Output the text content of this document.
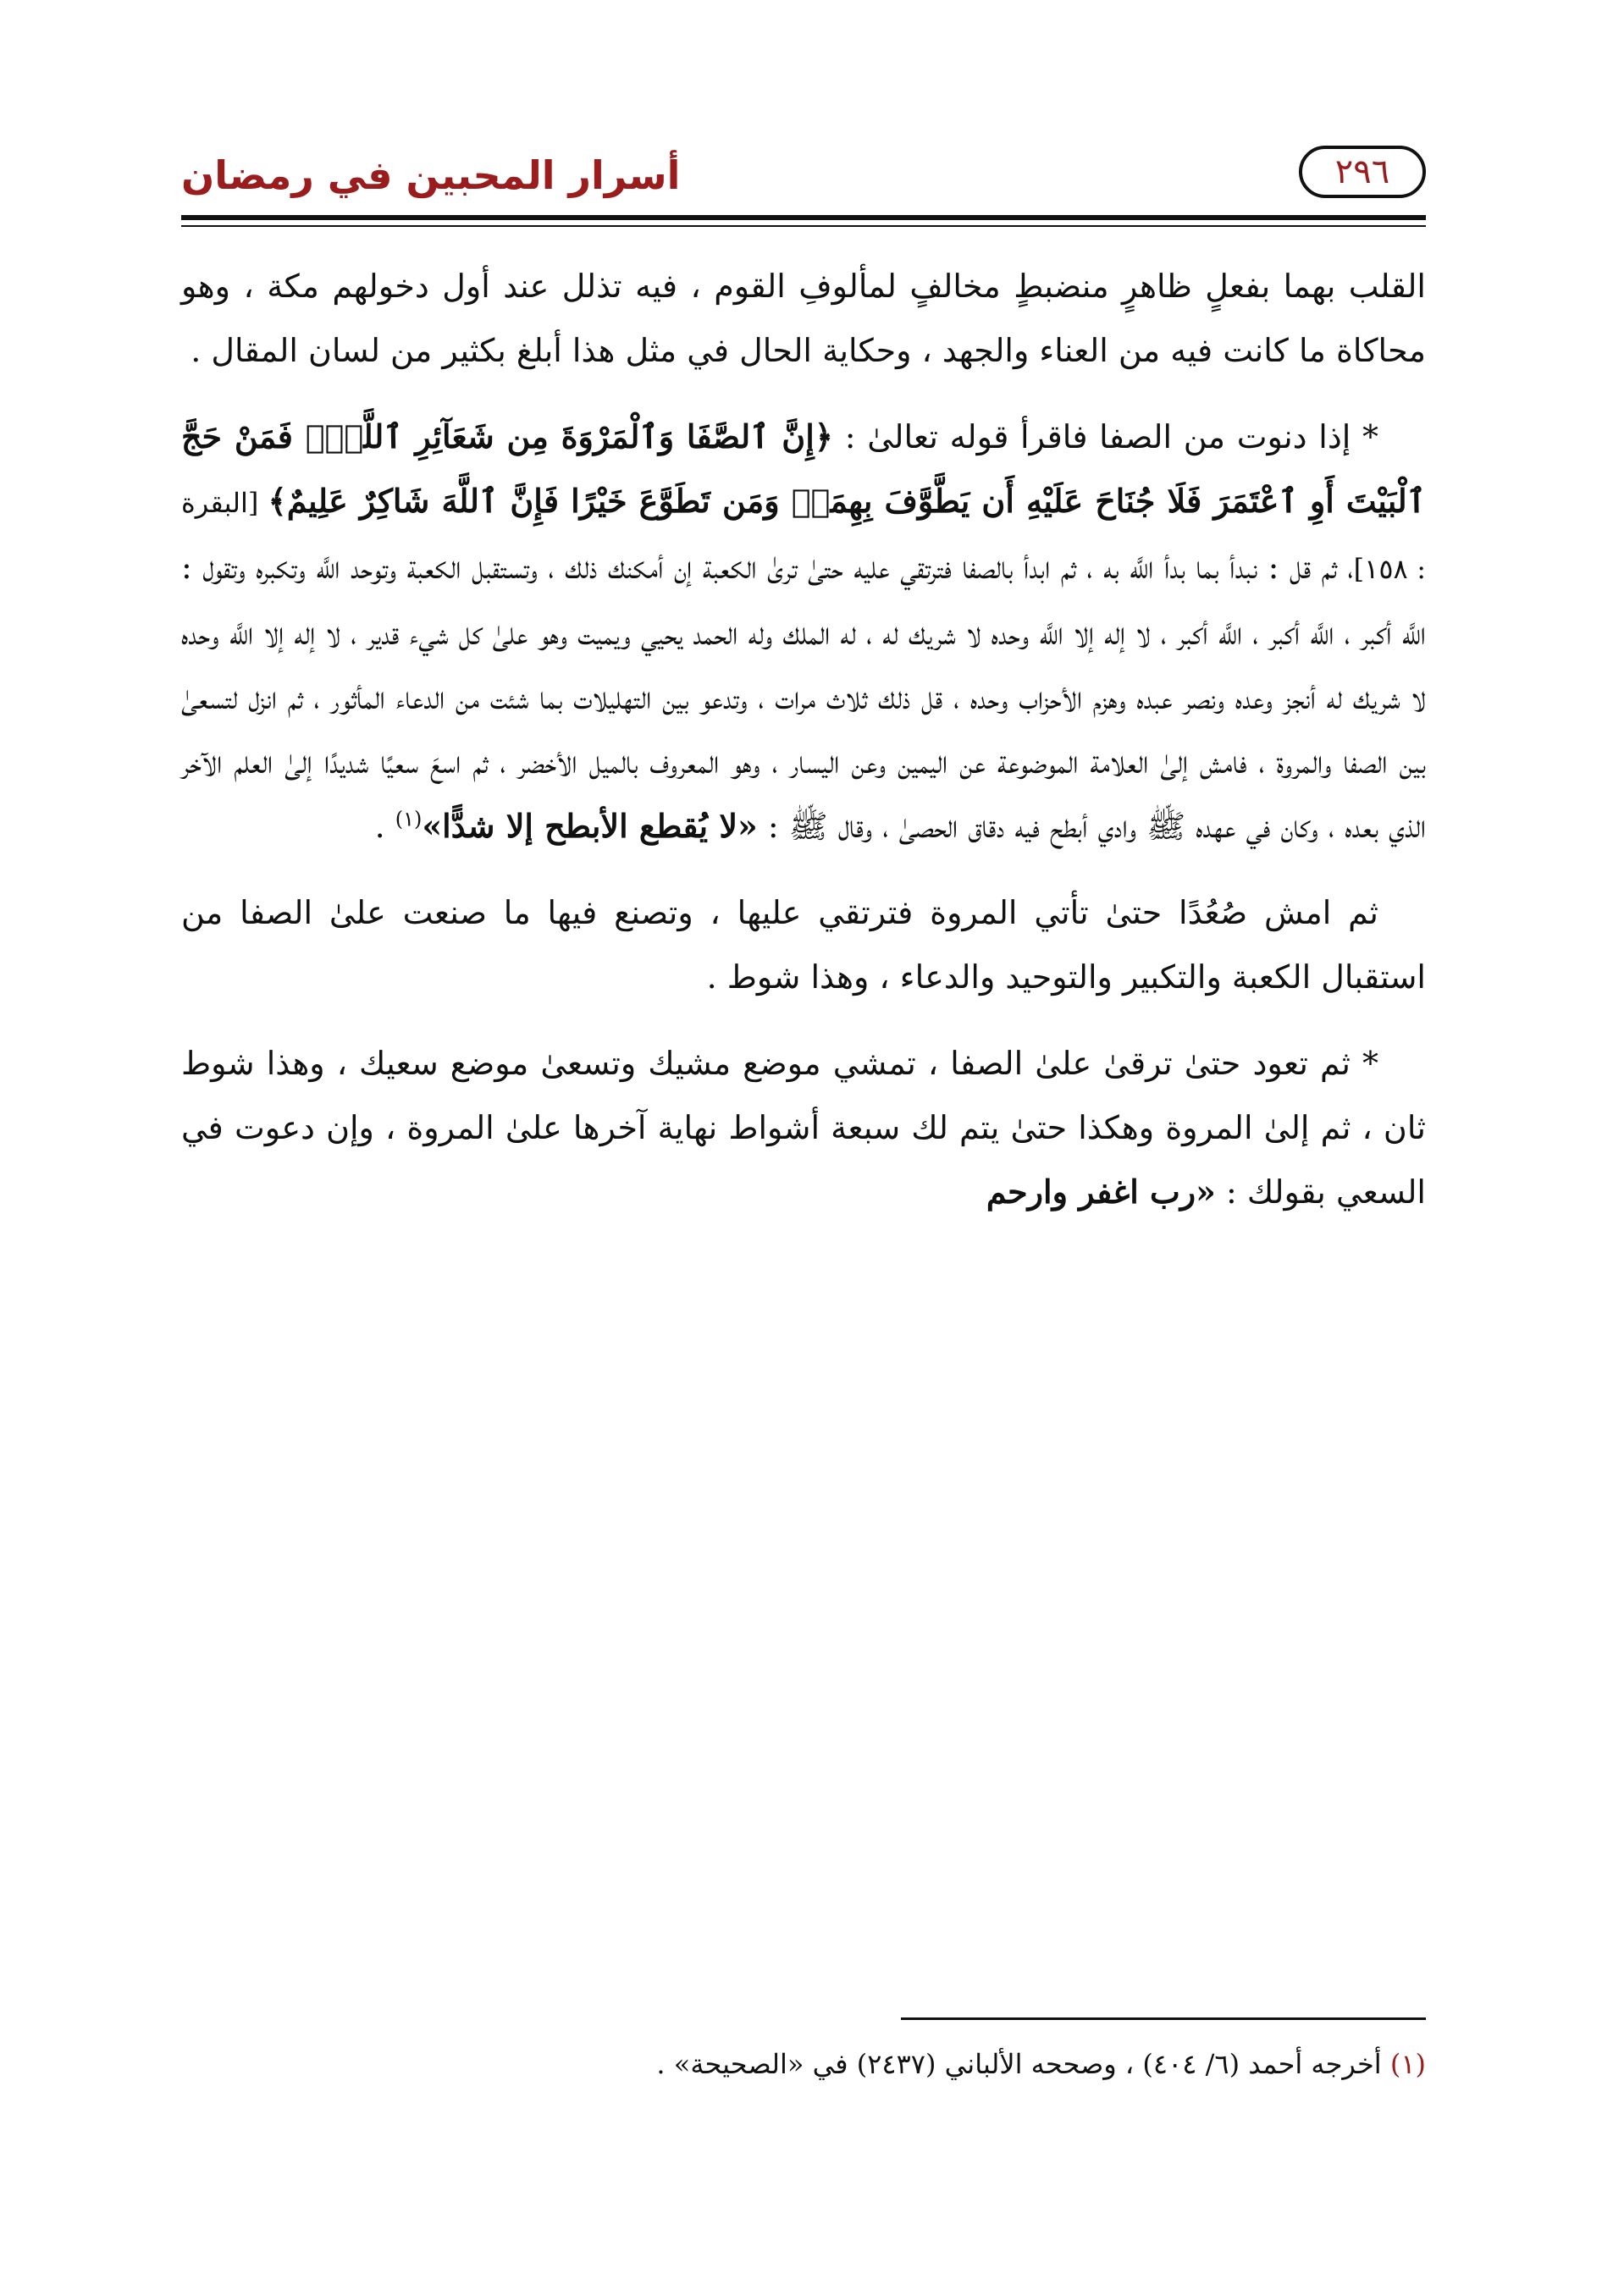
أسرار المحبين في رمضان	٢٩٦

القلب بهما بفعلٍ ظاهرٍ منضبطٍ مخالفٍ لمألوفِ القوم ، فيه تذلل عند أول دخولهم مكة ، وهو محاكاة ما كانت فيه من العناء والجهد ، وحكاية الحال في مثل هذا أبلغ بكثير من لسان المقال .

* إذا دنوت من الصفا فاقرأ قوله تعالىٰ : ﴿إِنَّ ٱلصَّفَا وَٱلْمَرْوَةَ مِن شَعَآئِرِ ٱللَّهِۖ فَمَنْ حَجَّ ٱلْبَيْتَ أَوِ ٱعْتَمَرَ فَلَا جُنَاحَ عَلَيْهِ أَن يَطَّوَّفَ بِهِمَاۚ وَمَن تَطَوَّعَ خَيْرًا فَإِنَّ ٱللَّهَ شَاكِرٌ عَلِيمٌ﴾ [البقرة : ١٥٨]، ثم قل : نبدأ بما بدأ اللَّه به ، ثم ابدأ بالصفا فترتقي عليه حتىٰ ترىٰ الكعبة إن أمكنك ذلك ، وتستقبل الكعبة وتوحد اللَّه وتكبره وتقول : اللَّه أكبر ، اللَّه أكبر ، اللَّه أكبر ، لا إله إلا اللَّه وحده لا شريك له ، له الملك وله الحمد يحيي ويميت وهو علىٰ كل شيء قدير ، لا إله إلا اللَّه وحده لا شريك له أنجز وعده ونصر عبده وهزم الأحزاب وحده ، قل ذلك ثلاث مرات ، وتدعو بين التهليلات بما شئت من الدعاء المأثور ، ثم انزل لتسعىٰ بين الصفا والمروة ، فامش إلىٰ العلامة الموضوعة عن اليمين وعن اليسار ، وهو المعروف بالميل الأخضر ، ثم اسعَ سعيًا شديدًا إلىٰ العلم الآخر الذي بعده ، وكان في عهده ﷺ وادي أبطح فيه دقاق الحصىٰ ، وقال ﷺ : «لا يُقطع الأبطح إلا شدًّا»$^{(١)}$ .

ثم امش صُعُدًا حتىٰ تأتي المروة فترتقي عليها ، وتصنع فيها ما صنعت علىٰ الصفا من استقبال الكعبة والتكبير والتوحيد والدعاء ، وهذا شوط .

* ثم تعود حتىٰ ترقىٰ علىٰ الصفا ، تمشي موضع مشيك وتسعىٰ موضع سعيك ، وهذا شوط ثان ، ثم إلىٰ المروة وهكذا حتىٰ يتم لك سبعة أشواط نهاية آخرها علىٰ المروة ، وإن دعوت في السعي بقولك : «رب اغفر وارحم

(١) أخرجه أحمد (٦/ ٤٠٤) ، وصححه الألباني (٢٤٣٧) في «الصحيحة» .
